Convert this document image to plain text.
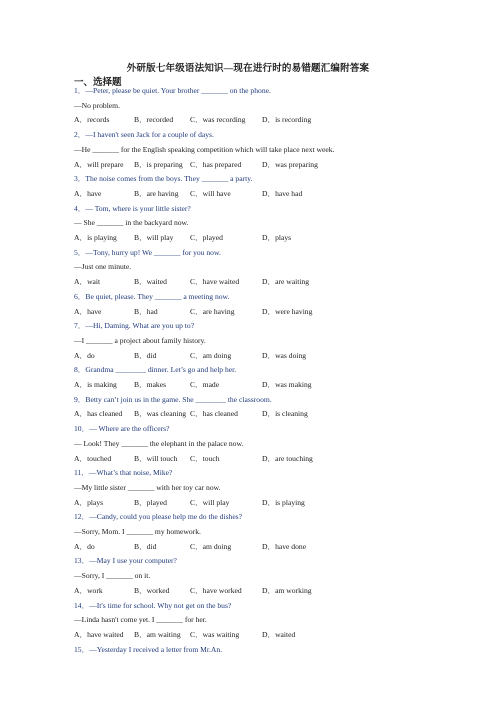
外研版七年级语法知识—现在进行时的易错题汇编附答案
一、选择题
1．—Peter, please be quiet. Your brother _______ on the phone.
—No problem.
A．records	B．recorded C．was recording D．is recording
2．—I haven't seen Jack for a couple of days.
—He _______ for the English speaking competition which will take place next week.
A．will prepare B．is preparing C．has prepared	D．was preparing
3．The noise comes from the boys. They _______ a party.
A．have	B．are having C．will have	D．have had
4．— Tom, where is your little sister?
— She _______ in the backyard now.
A．is playing B．will play C．played	D．plays
5．—Tony, hurry up! We _______ for you now.
—Just one minute.
A．wait	B．waited	C．have waited	D．are waiting
6．Be quiet, please. They _______ a meeting now.
A．have	B．had	C．are having	D．were having
7．—Hi, Daming. What are you up to?
—I _______ a project about family history.
A．do	B．did	C．am doing	D．was doing
8．Grandma ________ dinner. Let’s go and help her.
A．is making B．makes	C．made	D．was making
9．Betty can’t join us in the game. She ________ the classroom.
A．has cleaned B．was cleaning C．has cleaned	D．is cleaning
10．— Where are the officers?
— Look! They _______ the elephant in the palace now.
A．touched	B．will touch C．touch	D．are touching
11．—What’s that noise, Mike?
—My little sister _______ with her toy car now.
A．plays	B．played	C．will play	D．is playing
12．—Candy, could you please help me do the dishes?
—Sorry, Mom. I _______ my homework.
A．do	B．did	C．am doing	D．have done
13．—May I use your computer?
—Sorry, I _______ on it.
A．work	B．worked	C．have worked	D．am working
14．—It's time for school. Why not get on the bus?
—Linda hasn't come yet. I _______ for her.
A．have waited B．am waiting C．was waiting	D．waited
15．—Yesterday I received a letter from Mr.An.
